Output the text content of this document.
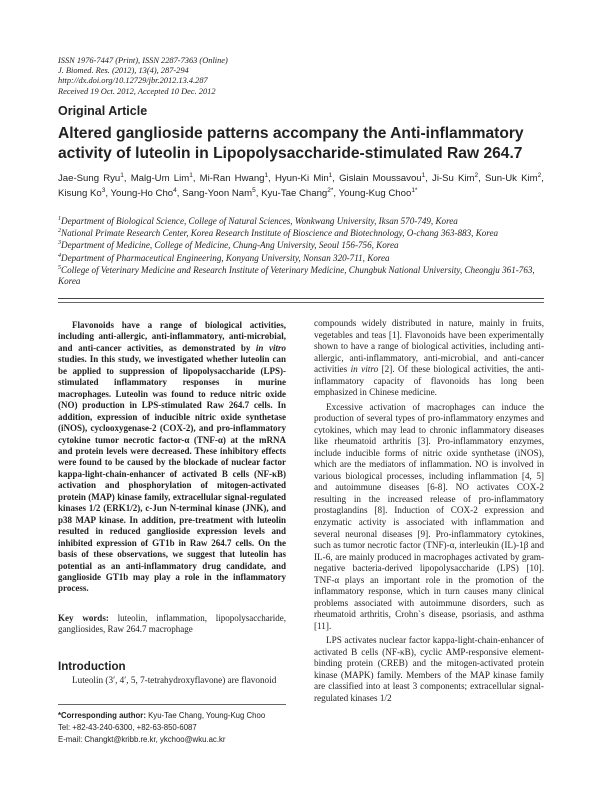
ISSN 1976-7447 (Print), ISSN 2287-7363 (Online)
J. Biomed. Res. (2012), 13(4), 287-294
http://dx.doi.org/10.12729/jbr.2012.13.4.287
Received 19 Oct. 2012, Accepted 10 Dec. 2012
Original Article
Altered ganglioside patterns accompany the Anti-inflammatory activity of luteolin in Lipopolysaccharide-stimulated Raw 264.7
Jae-Sung Ryu$^1$, Malg-Um Lim$^1$, Mi-Ran Hwang$^1$, Hyun-Ki Min$^1$, Gislain Moussavou$^1$, Ji-Su Kim$^2$, Sun-Uk Kim$^2$, Kisung Ko$^3$, Young-Ho Cho$^4$, Sang-Yoon Nam$^5$, Kyu-Tae Chang$^{2*}$, Young-Kug Choo$^{1*}$
$^1$Department of Biological Science, College of Natural Sciences, Wonkwang University, Iksan 570-749, Korea
$^2$National Primate Research Center, Korea Research Institute of Bioscience and Biotechnology, O-chang 363-883, Korea
$^3$Department of Medicine, College of Medicine, Chung-Ang University, Seoul 156-756, Korea
$^4$Department of Pharmaceutical Engineering, Konyang University, Nonsan 320-711, Korea
$^5$College of Veterinary Medicine and Research Institute of Veterinary Medicine, Chungbuk National University, Cheongju 361-763, Korea

Flavonoids have a range of biological activities, including anti-allergic, anti-inflammatory, anti-microbial, and anti-cancer activities, as demonstrated by in vitro studies. In this study, we investigated whether luteolin can be applied to suppression of lipopolysaccharide (LPS)-stimulated inflammatory responses in murine macrophages. Luteolin was found to reduce nitric oxide (NO) production in LPS-stimulated Raw 264.7 cells. In addition, expression of inducible nitric oxide synthetase (iNOS), cyclooxygenase-2 (COX-2), and pro-inflammatory cytokine tumor necrotic factor-α (TNF-α) at the mRNA and protein levels were decreased. These inhibitory effects were found to be caused by the blockade of nuclear factor kappa-light-chain-enhancer of activated B cells (NF-κB) activation and phosphorylation of mitogen-activated protein (MAP) kinase family, extracellular signal-regulated kinases 1/2 (ERK1/2), c-Jun N-terminal kinase (JNK), and p38 MAP kinase. In addition, pre-treatment with luteolin resulted in reduced ganglioside expression levels and inhibited expression of GT1b in Raw 264.7 cells. On the basis of these observations, we suggest that luteolin has potential as an anti-inflammatory drug candidate, and ganglioside GT1b may play a role in the inflammatory process.

Key words: luteolin, inflammation, lipopolysaccharide, gangliosides, Raw 264.7 macrophage
Introduction
Luteolin (3′, 4′, 5, 7-tetrahydroxyflavone) are flavonoid
*Corresponding author: Kyu-Tae Chang, Young-Kug Choo
Tel: +82-43-240-6300, +82-63-850-6087
E-mail: Changkt@kribb.re.kr, ykchoo@wku.ac.kr

compounds widely distributed in nature, mainly in fruits, vegetables and teas [1]. Flavonoids have been experimentally shown to have a range of biological activities, including anti-allergic, anti-inflammatory, anti-microbial, and anti-cancer activities in vitro [2]. Of these biological activities, the anti-inflammatory capacity of flavonoids has long been emphasized in Chinese medicine.

Excessive activation of macrophages can induce the production of several types of pro-inflammatory enzymes and cytokines, which may lead to chronic inflammatory diseases like rheumatoid arthritis [3]. Pro-inflammatory enzymes, include inducible forms of nitric oxide synthetase (iNOS), which are the mediators of inflammation. NO is involved in various biological processes, including inflammation [4, 5] and autoimmune diseases [6-8]. NO activates COX-2 resulting in the increased release of pro-inflammatory prostaglandins [8]. Induction of COX-2 expression and enzymatic activity is associated with inflammation and several neuronal diseases [9]. Pro-inflammatory cytokines, such as tumor necrotic factor (TNF)-α, interleukin (IL)-1β and IL-6, are mainly produced in macrophages activated by gram-negative bacteria-derived lipopolysaccharide (LPS) [10]. TNF-α plays an important role in the promotion of the inflammatory response, which in turn causes many clinical problems associated with autoimmune disorders, such as rheumatoid arthritis, Crohn`s disease, psoriasis, and asthma [11].

LPS activates nuclear factor kappa-light-chain-enhancer of activated B cells (NF-κB), cyclic AMP-responsive element-binding protein (CREB) and the mitogen-activated protein kinase (MAPK) family. Members of the MAP kinase family are classified into at least 3 components; extracellular signal-regulated kinases 1/2
